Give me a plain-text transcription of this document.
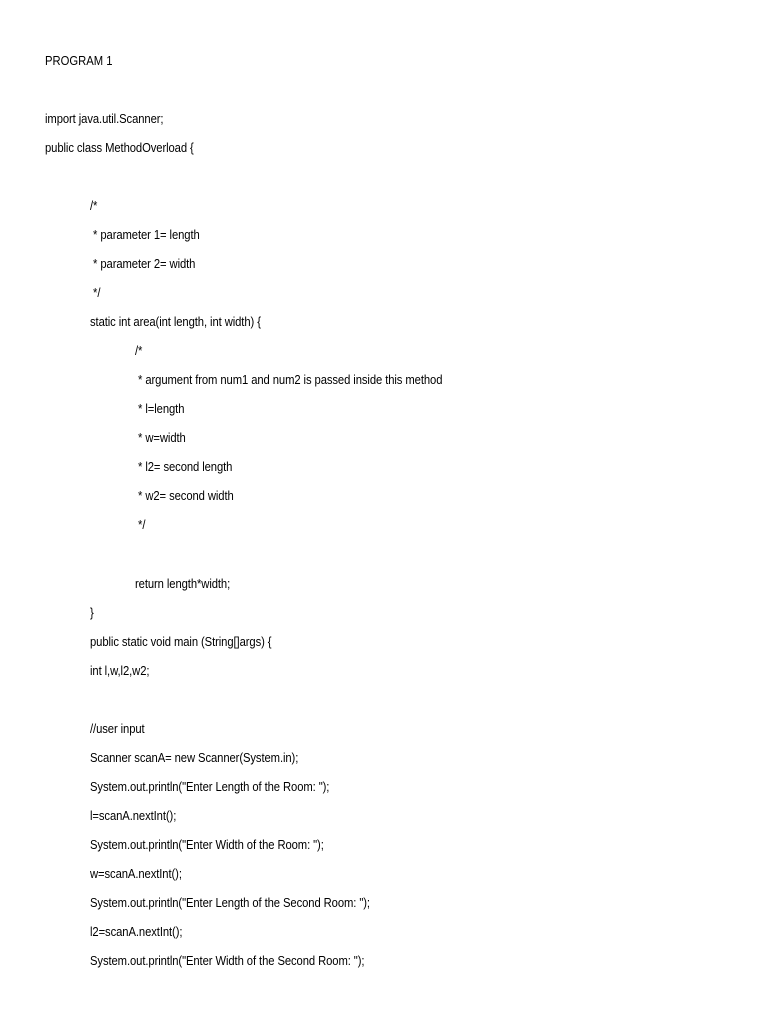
PROGRAM 1
import java.util.Scanner;
public class MethodOverload {
/*
* parameter 1= length
* parameter 2= width
*/
static int area(int length, int width) {
/*
* argument from num1 and num2 is passed inside this method
* l=length
* w=width
* l2= second length
* w2= second width
*/
return length*width;
}
public static void main (String[]args) {
int l,w,l2,w2;
//user input
Scanner scanA= new Scanner(System.in);
System.out.println("Enter Length of the Room: ");
l=scanA.nextInt();
System.out.println("Enter Width of the Room: ");
w=scanA.nextInt();
System.out.println("Enter Length of the Second Room: ");
l2=scanA.nextInt();
System.out.println("Enter Width of the Second Room: ");
